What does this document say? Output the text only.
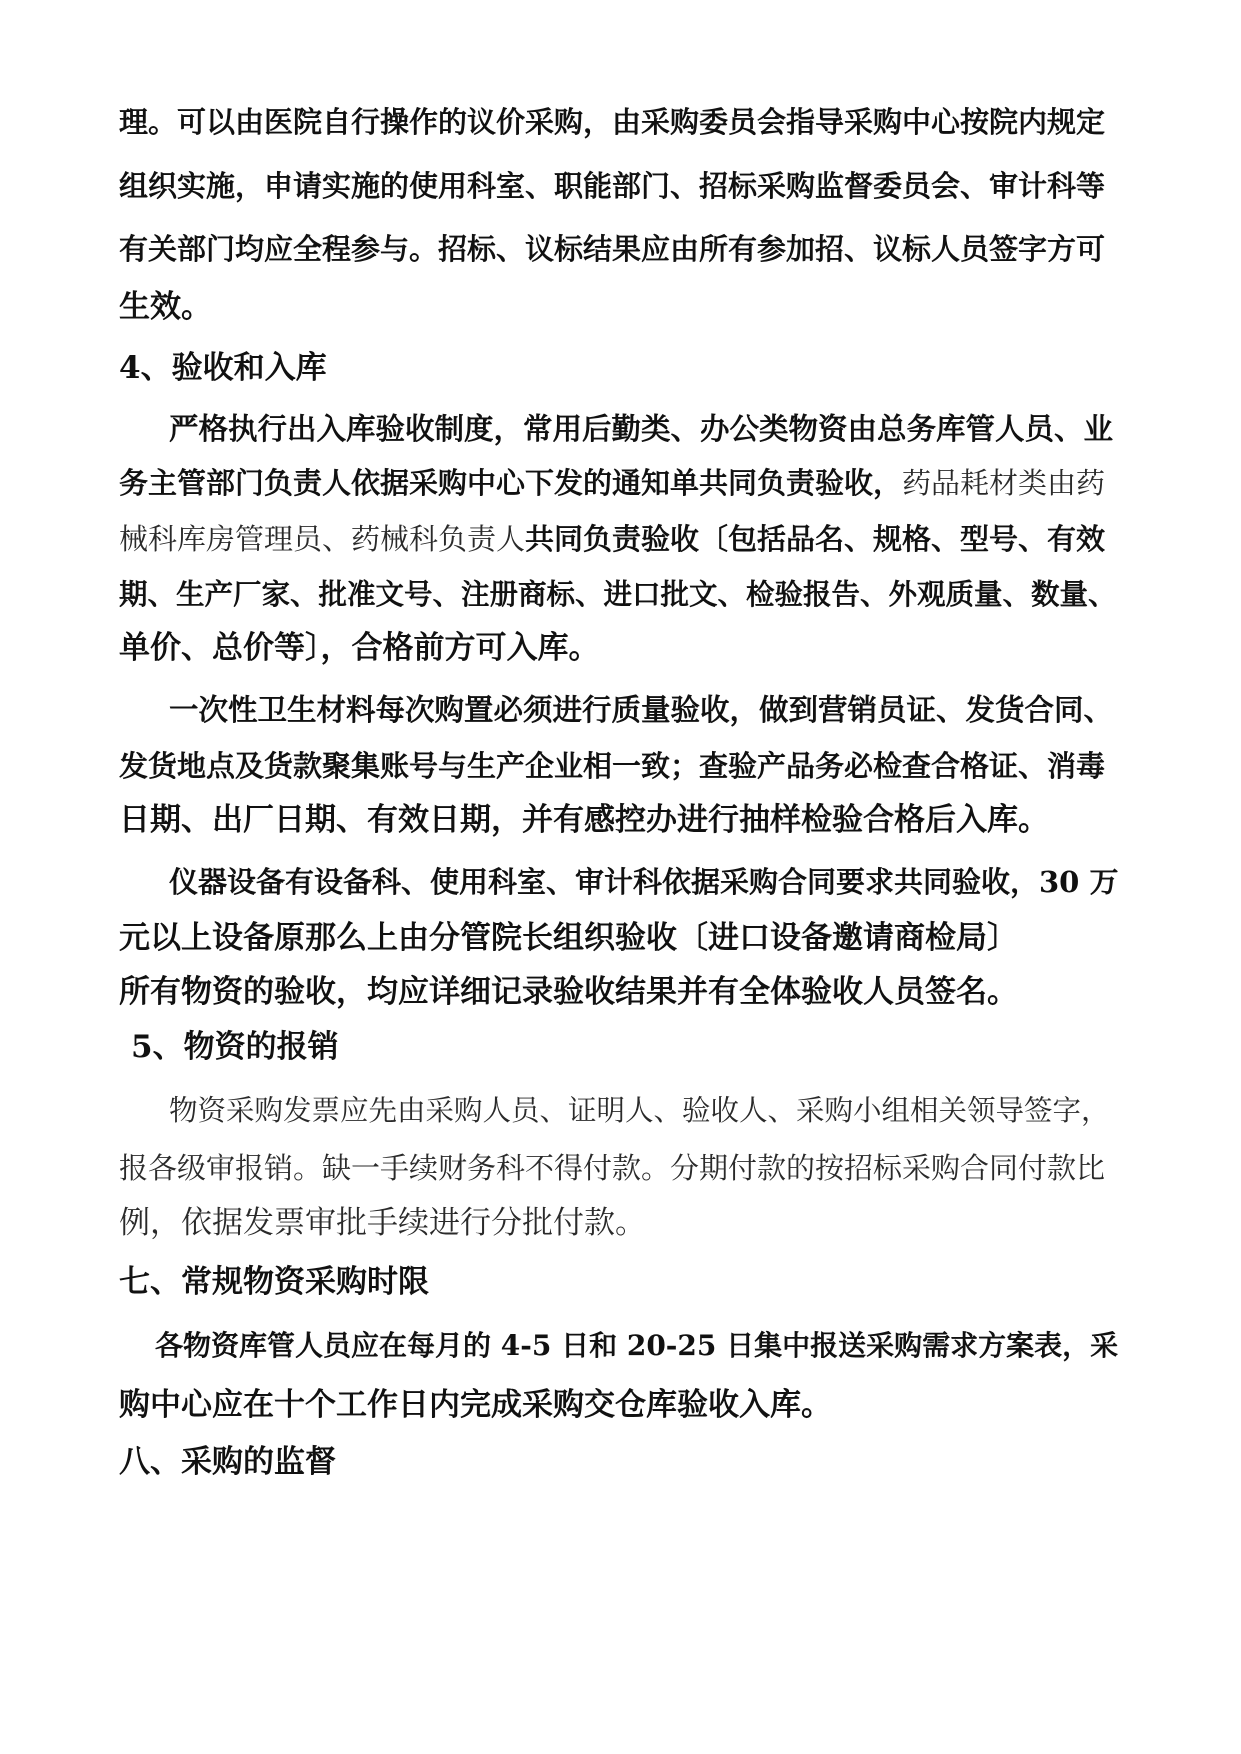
理。可以由医院自行操作的议价采购，由采购委员会指导采购中心按院内规定
组织实施，申请实施的使用科室、职能部门、招标采购监督委员会、审计科等
有关部门均应全程参与。招标、议标结果应由所有参加招、议标人员签字方可
生效。
4、验收和入库
严格执行出入库验收制度，常用后勤类、办公类物资由总务库管人员、业
务主管部门负责人依据采购中心下发的通知单共同负责验收，药品耗材类由药
械科库房管理员、药械科负责人共同负责验收〔包括品名、规格、型号、有效
期、生产厂家、批准文号、注册商标、进口批文、检验报告、外观质量、数量、
单价、总价等〕，合格前方可入库。
一次性卫生材料每次购置必须进行质量验收，做到营销员证、发货合同、
发货地点及货款聚集账号与生产企业相一致；查验产品务必检查合格证、消毒
日期、出厂日期、有效日期，并有感控办进行抽样检验合格后入库。
仪器设备有设备科、使用科室、审计科依据采购合同要求共同验收，30 万
元以上设备原那么上由分管院长组织验收〔进口设备邀请商检局〕
所有物资的验收，均应详细记录验收结果并有全体验收人员签名。
5、物资的报销
物资采购发票应先由采购人员、证明人、验收人、采购小组相关领导签字，
报各级审报销。缺一手续财务科不得付款。分期付款的按招标采购合同付款比
例，依据发票审批手续进行分批付款。
七、常规物资采购时限
各物资库管人员应在每月的 4-5 日和 20-25 日集中报送采购需求方案表，采
购中心应在十个工作日内完成采购交仓库验收入库。
八、采购的监督
